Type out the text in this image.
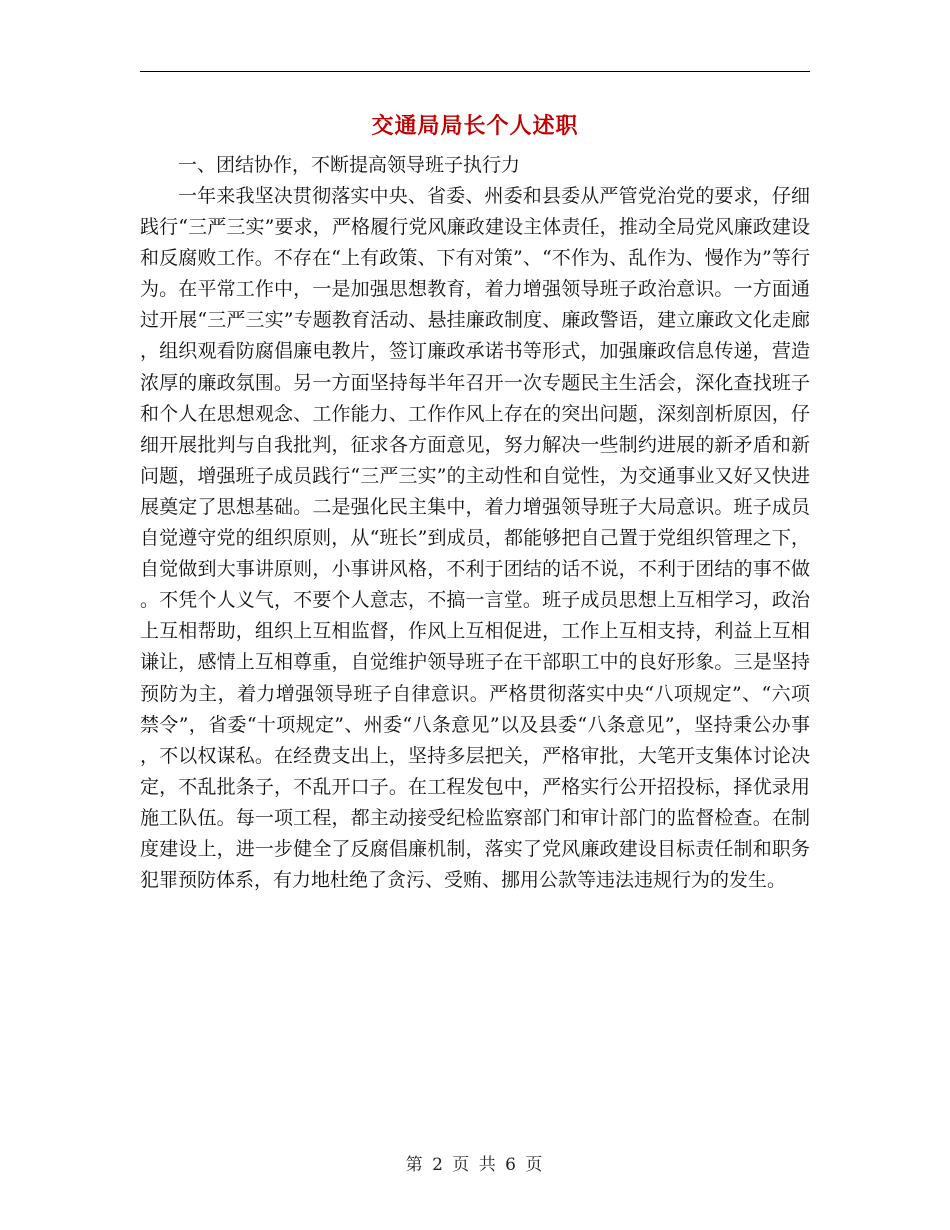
交通局局长个人述职

一、团结协作，不断提高领导班子执行力

一年来我坚决贯彻落实中央、省委、州委和县委从严管党治党的要求，仔细践行“三严三实”要求，严格履行党风廉政建设主体责任，推动全局党风廉政建设和反腐败工作。不存在“上有政策、下有对策”、“不作为、乱作为、慢作为”等行为。在平常工作中，一是加强思想教育，着力增强领导班子政治意识。一方面通过开展“三严三实”专题教育活动、悬挂廉政制度、廉政警语，建立廉政文化走廊，组织观看防腐倡廉电教片，签订廉政承诺书等形式，加强廉政信息传递，营造浓厚的廉政氛围。另一方面坚持每半年召开一次专题民主生活会，深化查找班子和个人在思想观念、工作能力、工作作风上存在的突出问题，深刻剖析原因，仔细开展批判与自我批判，征求各方面意见，努力解决一些制约进展的新矛盾和新问题，增强班子成员践行“三严三实”的主动性和自觉性，为交通事业又好又快进展奠定了思想基础。二是强化民主集中，着力增强领导班子大局意识。班子成员自觉遵守党的组织原则，从“班长”到成员，都能够把自己置于党组织管理之下，自觉做到大事讲原则，小事讲风格，不利于团结的话不说，不利于团结的事不做。不凭个人义气，不要个人意志，不搞一言堂。班子成员思想上互相学习，政治上互相帮助，组织上互相监督，作风上互相促进，工作上互相支持，利益上互相谦让，感情上互相尊重，自觉维护领导班子在干部职工中的良好形象。三是坚持预防为主，着力增强领导班子自律意识。严格贯彻落实中央“八项规定”、“六项禁令”，省委“十项规定”、州委“八条意见”以及县委“八条意见”，坚持秉公办事，不以权谋私。在经费支出上，坚持多层把关，严格审批，大笔开支集体讨论决定，不乱批条子，不乱开口子。在工程发包中，严格实行公开招投标，择优录用施工队伍。每一项工程，都主动接受纪检监察部门和审计部门的监督检查。在制度建设上，进一步健全了反腐倡廉机制，落实了党风廉政建设目标责任制和职务犯罪预防体系，有力地杜绝了贪污、受贿、挪用公款等违法违规行为的发生。

第 2 页 共 6 页
